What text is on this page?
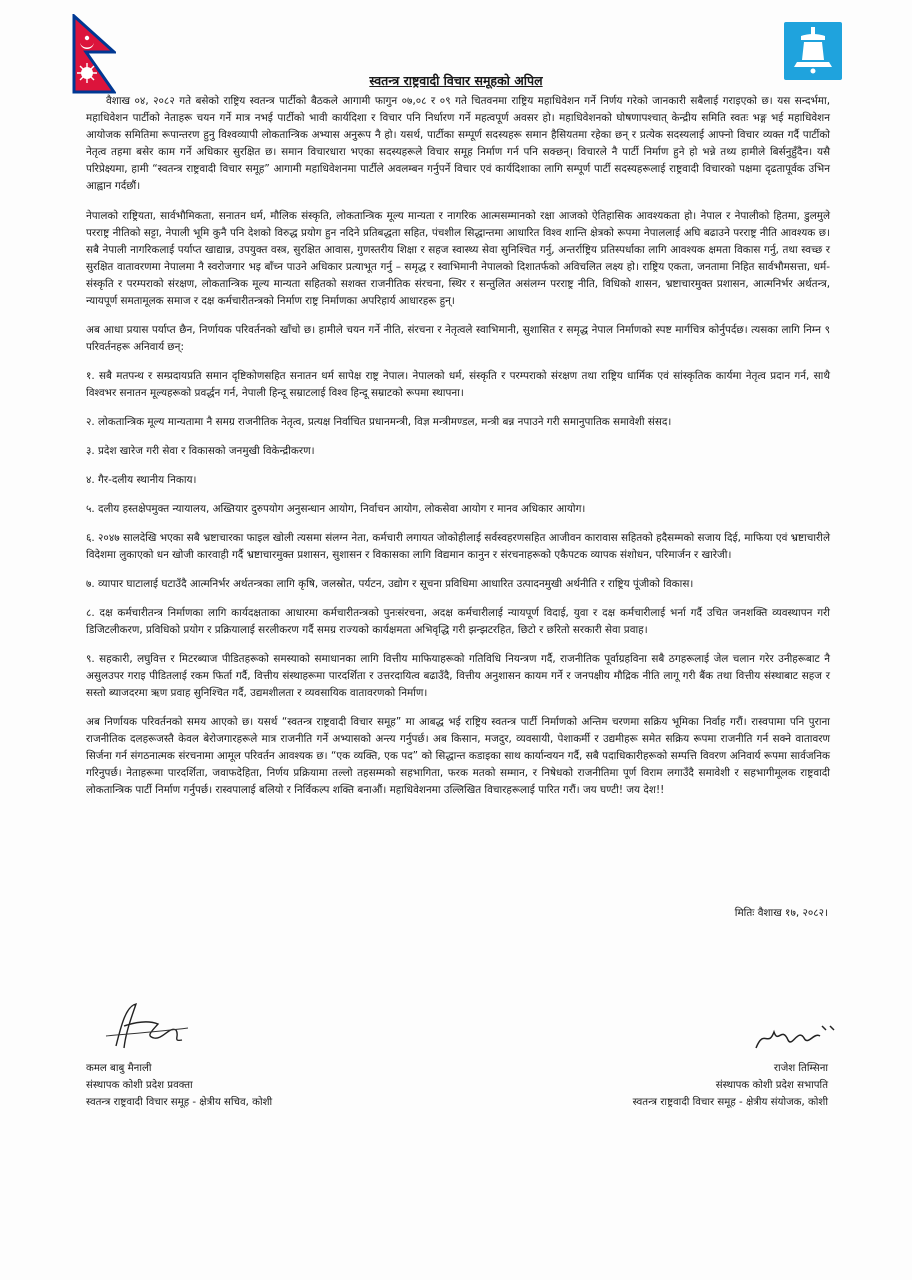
स्वतन्त्र राष्ट्रवादी विचार समूहको अपिल

वैशाख ०४, २०८२ गते बसेको राष्ट्रिय स्वतन्त्र पार्टीको बैठकले आगामी फागुन ०७,०८ र ०९ गते चितवनमा राष्ट्रिय महाधिवेशन गर्ने निर्णय गरेको जानकारी सबैलाई गराइएको छ। यस सन्दर्भमा, महाधिवेशन पार्टीको नेताहरू चयन गर्ने मात्र नभई पार्टीको भावी कार्यदिशा र विचार पनि निर्धारण गर्ने महत्वपूर्ण अवसर हो। महाधिवेशनको घोषणापश्चात् केन्द्रीय समिति स्वतः भङ्ग भई महाधिवेशन आयोजक समितिमा रूपान्तरण हुनु विश्वव्यापी लोकतान्त्रिक अभ्यास अनुरूप नै हो। यसर्थ, पार्टीका सम्पूर्ण सदस्यहरू समान हैसियतमा रहेका छन् र प्रत्येक सदस्यलाई आफ्नो विचार व्यक्त गर्दै पार्टीको नेतृत्व तहमा बसेर काम गर्ने अधिकार सुरक्षित छ। समान विचारधारा भएका सदस्यहरूले विचार समूह निर्माण गर्न पनि सक्छन्। विचारले नै पार्टी निर्माण हुने हो भन्ने तथ्य हामीले बिर्सनुहुँदैन। यसै परिप्रेक्ष्यमा, हामी “स्वतन्त्र राष्ट्रवादी विचार समूह” आगामी महाधिवेशनमा पार्टीले अवलम्बन गर्नुपर्ने विचार एवं कार्यदिशाका लागि सम्पूर्ण पार्टी सदस्यहरूलाई राष्ट्रवादी विचारको पक्षमा दृढतापूर्वक उभिन आह्वान गर्दछौं।

नेपालको राष्ट्रियता, सार्वभौमिकता, सनातन धर्म, मौलिक संस्कृति, लोकतान्त्रिक मूल्य मान्यता र नागरिक आत्मसम्मानको रक्षा आजको ऐतिहासिक आवश्यकता हो। नेपाल र नेपालीको हितमा, डुलमुले परराष्ट्र नीतिको सट्टा, नेपाली भूमि कुनै पनि देशको विरुद्ध प्रयोग हुन नदिने प्रतिबद्धता सहित, पंचशील सिद्धान्तमा आधारित विश्व शान्ति क्षेत्रको रूपमा नेपाललाई अघि बढाउने परराष्ट्र नीति आवश्यक छ। सबै नेपाली नागरिकलाई पर्याप्त खाद्यान्न, उपयुक्त वस्त्र, सुरक्षित आवास, गुणस्तरीय शिक्षा र सहज स्वास्थ्य सेवा सुनिश्चित गर्नु, अन्तर्राष्ट्रिय प्रतिस्पर्धाका लागि आवश्यक क्षमता विकास गर्नु, तथा स्वच्छ र सुरक्षित वातावरणमा नेपालमा नै स्वरोजगार भइ बाँच्न पाउने अधिकार प्रत्याभूत गर्नु – समृद्ध र स्वाभिमानी नेपालको दिशातर्फको अविचलित लक्ष्य हो। राष्ट्रिय एकता, जनतामा निहित सार्वभौमसत्ता, धर्म-संस्कृति र परम्पराको संरक्षण, लोकतान्त्रिक मूल्य मान्यता सहितको सशक्त राजनीतिक संरचना, स्थिर र सन्तुलित असंलग्न परराष्ट्र नीति, विधिको शासन, भ्रष्टाचारमुक्त प्रशासन, आत्मनिर्भर अर्थतन्त्र, न्यायपूर्ण समतामूलक समाज र दक्ष कर्मचारीतन्त्रको निर्माण राष्ट्र निर्माणका अपरिहार्य आधारहरू हुन्।

अब आधा प्रयास पर्याप्त छैन, निर्णायक परिवर्तनको खाँचो छ। हामीले चयन गर्ने नीति, संरचना र नेतृत्वले स्वाभिमानी, सुशासित र समृद्ध नेपाल निर्माणको स्पष्ट मार्गचित्र कोर्नुपर्दछ। त्यसका लागि निम्न ९ परिवर्तनहरू अनिवार्य छन्:

१. सबै मतपन्थ र सम्प्रदायप्रति समान दृष्टिकोणसहित सनातन धर्म सापेक्ष राष्ट्र नेपाल। नेपालको धर्म, संस्कृति र परम्पराको संरक्षण तथा राष्ट्रिय धार्मिक एवं सांस्कृतिक कार्यमा नेतृत्व प्रदान गर्न, साथै विश्वभर सनातन मूल्यहरूको प्रवर्द्धन गर्न, नेपाली हिन्दू सम्राटलाई विश्व हिन्दू सम्राटको रूपमा स्थापना।

२. लोकतान्त्रिक मूल्य मान्यतामा नै समग्र राजनीतिक नेतृत्व, प्रत्यक्ष निर्वाचित प्रधानमन्त्री, विज्ञ मन्त्रीमण्डल, मन्त्री बन्न नपाउने गरी समानुपातिक समावेशी संसद।

३. प्रदेश खारेज गरी सेवा र विकासको जनमुखी विकेन्द्रीकरण।

४. गैर-दलीय स्थानीय निकाय।

५. दलीय हस्तक्षेपमुक्त न्यायालय, अख्तियार दुरुपयोग अनुसन्धान आयोग, निर्वाचन आयोग, लोकसेवा आयोग र मानव अधिकार आयोग।

६. २०४७ सालदेखि भएका सबै भ्रष्टाचारका फाइल खोली त्यसमा संलग्न नेता, कर्मचारी लगायत जोकोहीलाई सर्वस्वहरणसहित आजीवन कारावास सहितको हदैसम्मको सजाय दिई, माफिया एवं भ्रष्टाचारीले विदेशमा लुकाएको धन खोजी कारवाही गर्दै भ्रष्टाचारमुक्त प्रशासन, सुशासन र विकासका लागि विद्यमान कानुन र संरचनाहरूको एकैपटक व्यापक संशोधन, परिमार्जन र खारेजी।

७. व्यापार घाटालाई घटाउँदै आत्मनिर्भर अर्थतन्त्रका लागि कृषि, जलस्रोत, पर्यटन, उद्योग र सूचना प्रविधिमा आधारित उत्पादनमुखी अर्थनीति र राष्ट्रिय पूंजीको विकास।

८. दक्ष कर्मचारीतन्त्र निर्माणका लागि कार्यदक्षताका आधारमा कर्मचारीतन्त्रको पुनःसंरचना, अदक्ष कर्मचारीलाई न्यायपूर्ण विदाई, युवा र दक्ष कर्मचारीलाई भर्ना गर्दै उचित जनशक्ति व्यवस्थापन गरी डिजिटलीकरण, प्रविधिको प्रयोग र प्रक्रियालाई सरलीकरण गर्दै समग्र राज्यको कार्यक्षमता अभिवृद्धि गरी झन्झटरहित, छिटो र छरितो सरकारी सेवा प्रवाह।

९. सहकारी, लघुवित्त र मिटरब्याज पीडितहरूको समस्याको समाधानका लागि वित्तीय माफियाहरूको गतिविधि नियन्त्रण गर्दै, राजनीतिक पूर्वाग्रहविना सबै ठगहरूलाई जेल चलान गरेर उनीहरूबाट नै असुलउपर गराइ पीडितलाई रकम फिर्ता गर्दै, वित्तीय संस्थाहरूमा पारदर्शिता र उत्तरदायित्व बढाउँदै, वित्तीय अनुशासन कायम गर्ने र जनपक्षीय मौद्रिक नीति लागू गरी बैंक तथा वित्तीय संस्थाबाट सहज र सस्तो ब्याजदरमा ऋण प्रवाह सुनिश्चित गर्दै, उद्यमशीलता र व्यवसायिक वातावरणको निर्माण।

अब निर्णायक परिवर्तनको समय आएको छ। यसर्थ “स्वतन्त्र राष्ट्रवादी विचार समूह” मा आबद्ध भई राष्ट्रिय स्वतन्त्र पार्टी निर्माणको अन्तिम चरणमा सक्रिय भूमिका निर्वाह गरौं। रास्वपामा पनि पुराना राजनीतिक दलहरूजस्तै केवल बेरोजगारहरूले मात्र राजनीति गर्ने अभ्यासको अन्त्य गर्नुपर्छ। अब किसान, मजदुर, व्यवसायी, पेशाकर्मी र उद्यमीहरू समेत सक्रिय रूपमा राजनीति गर्न सक्ने वातावरण सिर्जना गर्न संगठनात्मक संरचनामा आमूल परिवर्तन आवश्यक छ। “एक व्यक्ति, एक पद” को सिद्धान्त कडाइका साथ कार्यान्वयन गर्दै, सबै पदाधिकारीहरूको सम्पत्ति विवरण अनिवार्य रूपमा सार्वजनिक गरिनुपर्छ। नेताहरूमा पारदर्शिता, जवाफदेहिता, निर्णय प्रक्रियामा तल्लो तहसम्मको सहभागिता, फरक मतको सम्मान, र निषेधको राजनीतिमा पूर्ण विराम लगाउँदै समावेशी र सहभागीमूलक राष्ट्रवादी लोकतान्त्रिक पार्टी निर्माण गर्नुपर्छ। रास्वपालाई बलियो र निर्विकल्प शक्ति बनाऔं। महाधिवेशनमा उल्लिखित विचारहरूलाई पारित गरौं। जय घण्टी! जय देश!!

मितिः वैशाख १७, २०८२।
कमल बाबु मैनाली
संस्थापक कोशी प्रदेश प्रवक्ता
स्वतन्त्र राष्ट्रवादी विचार समूह - क्षेत्रीय सचिव, कोशी
राजेश तिम्सिना
संस्थापक कोशी प्रदेश सभापति
स्वतन्त्र राष्ट्रवादी विचार समूह - क्षेत्रीय संयोजक, कोशी
